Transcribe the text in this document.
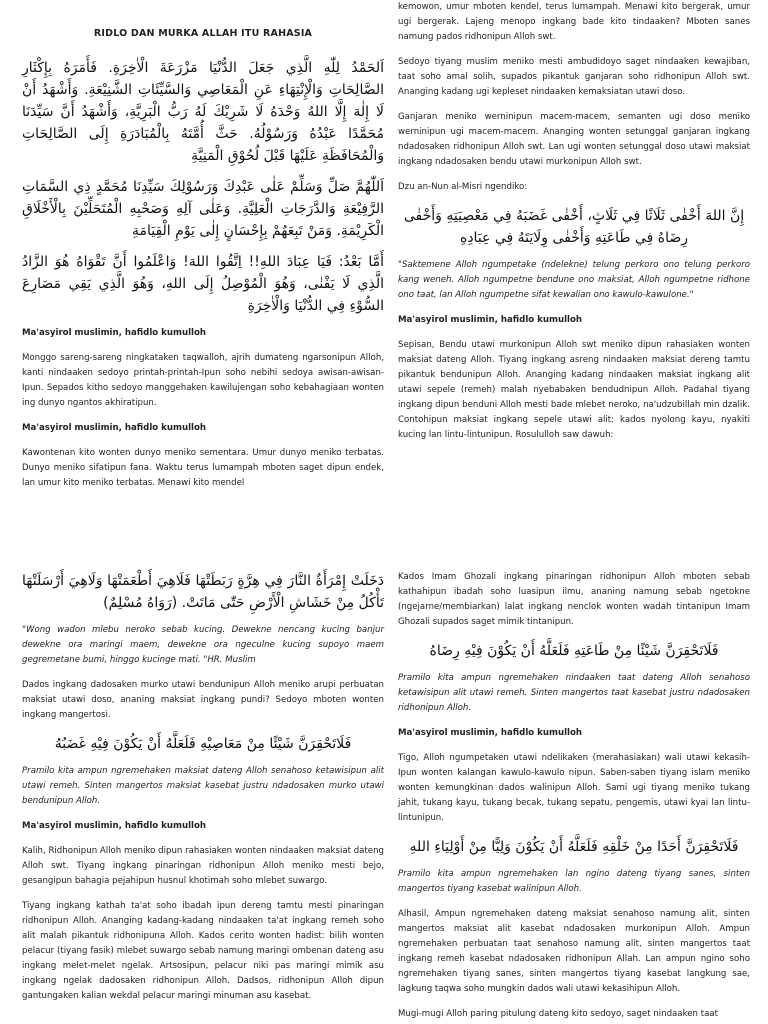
RIDLO DAN MURKA ALLAH ITU RAHASIA

اَلحَمْدُ لِلّٰهِ الَّذِي جَعَلَ الدُّنْيَا مَزْرَعَةَ الْاٰخِرَةِ. فَأَمَرَهُ بِإِكْثَارِ الصَّالِحَاتِ وَالْإِنْتِهَاءِ عَنِ الْمَعَاصِي وَالسَّيِّئَاتِ الشَّنِيْعَةِ. وَأَشْهَدُ أَنْ لَا إِلٰهَ إِلَّا اللهُ وَحْدَهُ لَا شَرِيْكَ لَهُ رَبُّ الْبَرِيَّةِ، وَأَشْهَدُ أَنَّ سَيِّدَنَا مُحَمَّدًا عَبْدُهُ وَرَسُوْلُهُ. حَثَّ أُمَّتَهُ بِالْمُبَادَرَةِ إِلَى الصَّالِحَاتِ وَالْمُحَافَظَةِ عَلَيْهَا قَبْلَ لُحُوْقِ الْمَنِيَّةِ

اَللّٰهُمَّ صَلِّ وَسَلِّمْ عَلٰى عَبْدِكَ وَرَسُوْلِكَ سَيِّدِنَا مُحَمَّدٍ ذِي السَّمَاتِ الرَّفِيْعَةِ وَالدَّرَجَاتِ الْعَلِيَّةِ. وَعَلٰى آلِهِ وَصَحْبِهِ الْمُتَحَلِّيْنَ بِالْأَخْلَاقِ الْكَرِيْمَةِ. وَمَنْ تَبِعَهُمْ بِإِحْسَانٍ إِلٰى يَوْمِ الْقِيَامَةِ

أَمَّا بَعْدُ: فَيَا عِبَادَ اللهِ!! اِتَّقُوا اللهَ! وَاعْلَمُوا أَنَّ تَقْوَاهُ هُوَ الزَّادُ الَّذِي لَا يَفْنٰى، وَهُوَ الْمُوْصِلُ إِلَى اللهِ، وَهُوَ الَّذِي يَقِي مَصَارِعَ السُّوْءِ فِي الدُّنْيَا وَالْاٰخِرَةِ

Ma'asyirol muslimin, hafidlo kumulloh

Monggo sareng-sareng ningkataken taqwalloh, ajrih dumateng ngarsonipun Alloh, kanti nindaaken sedoyo printah-printah-Ipun soho nebihi sedoya awisan-awisan-Ipun. Sepados kitho sedoyo manggehaken kawilujengan soho kebahagiaan wonten ing dunyo ngantos akhiratipun.

Ma'asyirol muslimin, hafidlo kumulloh

Kawontenan kito wonten dunyo meniko sementara. Umur dunyo meniko terbatas. Dunyo meniko sifatipun fana. Waktu terus lumampah mboten saget dipun endek, lan umur kito meniko terbatas. Menawi kito mendel

kemowon, umur mboten kendel, terus lumampah. Menawi kito bergerak, umur ugi bergerak. Lajeng menopo ingkang bade kito tindaaken? Mboten sanes namung pados ridhonipun Alloh swt.

Sedoyo tiyang muslim meniko mesti ambudidoyo saget nindaaken kewajiban, taat soho amal solih, supados pikantuk ganjaran soho ridhonipun Alloh swt. Ananging kadang ugi kepleset nindaaken kemaksiatan utawi doso.

Ganjaran meniko werninipun macem-macem, semanten ugi doso meniko werninipun ugi macem-macem. Ananging wonten setunggal ganjaran ingkang ndadosaken ridhonipun Alloh swt. Lan ugi wonten setunggal doso utawi maksiat ingkang ndadosaken bendu utawi murkonipun Alloh swt.

Dzu an-Nun al-Misri ngendiko:

إِنَّ اللهَ أَخْفٰى ثَلَاثًا فِي ثَلَاثٍ، أَخْفٰى غَضَبَهُ فِي مَعْصِيَتِهِ وَأَخْفٰى رِضَاهُ فِي طَاعَتِهِ وَأَخْفٰى وِلَايَتَهُ فِي عِبَادِهِ

"Saktemene Alloh ngumpetake (ndelekne) telung perkoro ono telung perkoro kang weneh. Alloh ngumpetne bendune ono maksiat, Alloh ngumpetne ridhone ono taat, lan Alloh ngumpetne sifat kewalian ono kawulo-kawulone."

Ma'asyirol muslimin, hafidlo kumulloh

Sepisan, Bendu utawi murkonipun Alloh swt meniko dipun rahasiaken wonten maksiat dateng Alloh. Tiyang ingkang asreng nindaaken maksiat dereng tamtu pikantuk bendunipun Alloh. Ananging kadang nindaaken maksiat ingkang alit utawi sepele (remeh) malah nyebabaken bendudnipun Alloh. Padahal tiyang ingkang dipun benduni Alloh mesti bade mlebet neroko, na'udzubillah min dzalik. Contohipun maksiat ingkang sepele utawi alit: kados nyolong kayu, nyakiti kucing lan lintu-lintunipun. Rosululloh saw dawuh:

دَخَلَتْ إِمْرَأَةٌ النَّارَ فِي هِرَّةٍ رَبَطَتْهَا فَلَاهِيَ أَطْعَمَتْهَا وَلَاهِيَ أَرْسَلَتْهَا تَأْكُلُ مِنْ خَشَاشِ الْأَرْضِ حَتّٰى مَاتَتْ. (رَوَاهُ مُسْلِمٌ)

"Wong wadon mlebu neroko sebab kucing. Dewekne nencang kucing banjur dewekne ora maringi maem, dewekne ora ngeculne kucing supoyo maem gegremetane bumi, hinggo kucinge mati. "HR. Muslim

Dados ingkang dadosaken murko utawi bendunipun Alloh meniko arupi perbuatan maksiat utawi doso, ananing maksiat ingkang pundi? Sedoyo mboten wonten ingkang mangertosi.

فَلَاتَحْقِرَنَّ شَيْئًا مِنْ مَعَاصِيْهِ فَلَعَلَّهُ أَنْ يَكُوْنَ فِيْهِ غَضَبُهُ

Pramilo kita ampun ngremehaken maksiat dateng Alloh senahoso ketawisipun alit utawi remeh. Sinten mangertos maksiat kasebat justru ndadosaken murko utawi bendunipun Alloh.

Ma'asyirol muslimin, hafidlo kumulloh

Kalih, Ridhonipun Alloh meniko dipun rahasiaken wonten nindaaken maksiat dateng Alloh swt. Tiyang ingkang pinaringan ridhonipun Alloh meniko mesti bejo, gesangipun bahagia pejahipun husnul khotimah soho mlebet suwargo.

Tiyang ingkang kathah ta'at soho ibadah ipun dereng tamtu mesti pinaringan ridhonipun Alloh. Ananging kadang-kadang nindaaken ta'at ingkang remeh soho alit malah pikantuk ridhonipuna Alloh. Kados cerito wonten hadist: bilih wonten pelacur (tiyang fasik) mlebet suwargo sebab namung maringi ombenan dateng asu ingkang melet-melet ngelak. Artsosipun, pelacur niki pas maringi mimik asu ingkang ngelak dadosaken ridhonipun Alloh. Dadsos, ridhonipun Alloh dipun gantungaken kalian wekdal pelacur maringi minuman asu kasebat.

Kados Imam Ghozali ingkang pinaringan ridhonipun Alloh mboten sebab kathahipun ibadah soho luasipun ilmu, ananing namung sebab ngetokne (ngejarne/membiarkan) lalat ingkang nenclok wonten wadah tintanipun Imam Ghozali supados saget mimik tintanipun.

فَلَاتَحْقِرَنَّ شَيْئًا مِنْ طَاعَتِهِ فَلَعَلَّهُ أَنْ يَكُوْنَ فِيْهِ رِضَاهُ

Pramilo kita ampun ngremehaken nindaaken taat dateng Alloh senahoso ketawisipun alit utawi remeh. Sinten mangertos taat kasebat justru ndadosaken ridhonipun Alloh.

Ma'asyirol muslimin, hafidlo kumulloh

Tigo, Alloh ngumpetaken utawi ndelikaken (merahasiakan) wali utawi kekasih-Ipun wonten kalangan kawulo-kawulo nipun. Saben-saben tiyang islam meniko wonten kemungkinan dados walinipun Alloh. Sami ugi tiyang meniko tukang jahit, tukang kayu, tukang becak, tukang sepatu, pengemis, utawi kyai lan lintu-lintunipun.

فَلَاتَحْقِرَنَّ أَحَدًا مِنْ خَلْقِهِ فَلَعَلَّهُ أَنْ يَكُوْنَ وَلِيًّا مِنْ أَوْلِيَاءِ اللهِ

Pramilo kita ampun ngremehaken lan ngino dateng tiyang sanes, sinten mangertos tiyang kasebat walinipun Alloh.

Alhasil, Ampun ngremehaken dateng maksiat senahoso namung alit, sinten mangertos maksiat alit kasebat ndadosaken murkonipun Alloh. Ampun ngremehaken perbuatan taat senahoso namung alit, sinten mangertos taat ingkang remeh kasebat ndadosaken ridhonipun Allah. Lan ampun ngino soho ngremehaken tiyang sanes, sinten mangertos tiyang kasebat langkung sae, lagkung taqwa soho mungkin dados wali utawi kekasihipun Alloh.

Mugi-mugi Alloh paring pitulung dateng kito sedoyo, saget nindaaken taat
